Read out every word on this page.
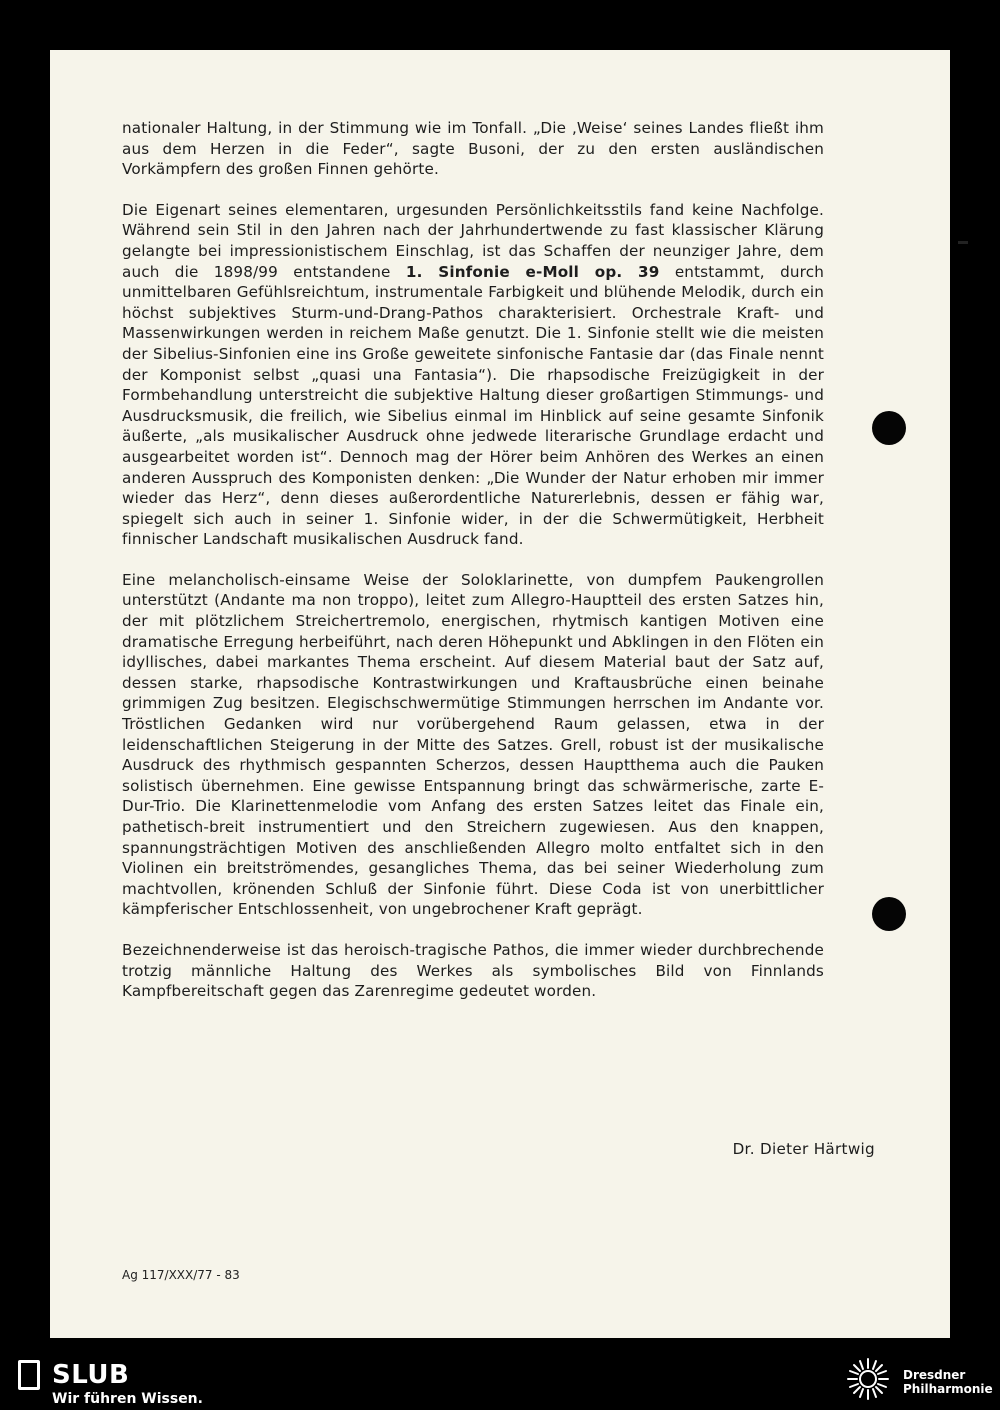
nationaler Haltung, in der Stimmung wie im Tonfall. „Die ‚Weise‘ seines Landes fließt ihm aus dem Herzen in die Feder“, sagte Busoni, der zu den ersten ausländischen Vorkämpfern des großen Finnen gehörte.

Die Eigenart seines elementaren, urgesunden Persönlichkeitsstils fand keine Nachfolge. Während sein Stil in den Jahren nach der Jahrhundertwende zu fast klassischer Klärung gelangte bei impressionistischem Einschlag, ist das Schaffen der neunziger Jahre, dem auch die 1898/99 entstandene 1. Sinfonie e-Moll op. 39 entstammt, durch unmittelbaren Gefühlsreichtum, instrumentale Farbigkeit und blühende Melodik, durch ein höchst subjektives Sturm-und-Drang-Pathos charakterisiert. Orchestrale Kraft- und Massenwirkungen werden in reichem Maße genutzt. Die 1. Sinfonie stellt wie die meisten der Sibelius-Sinfonien eine ins Große geweitete sinfonische Fantasie dar (das Finale nennt der Komponist selbst „quasi una Fantasia“). Die rhapsodische Freizügigkeit in der Formbehandlung unterstreicht die subjektive Haltung dieser großartigen Stimmungs- und Ausdrucksmusik, die freilich, wie Sibelius einmal im Hinblick auf seine gesamte Sinfonik äußerte, „als musikalischer Ausdruck ohne jedwede literarische Grundlage erdacht und ausgearbeitet worden ist“. Dennoch mag der Hörer beim Anhören des Werkes an einen anderen Ausspruch des Komponisten denken: „Die Wunder der Natur erhoben mir immer wieder das Herz“, denn dieses außerordentliche Naturerlebnis, dessen er fähig war, spiegelt sich auch in seiner 1. Sinfonie wider, in der die Schwermütigkeit, Herbheit finnischer Landschaft musikalischen Ausdruck fand.

Eine melancholisch-einsame Weise der Soloklarinette, von dumpfem Paukengrollen unterstützt (Andante ma non troppo), leitet zum Allegro-Hauptteil des ersten Satzes hin, der mit plötzlichem Streichertremolo, energischen, rhytmisch kantigen Motiven eine dramatische Erregung herbeiführt, nach deren Höhepunkt und Abklingen in den Flöten ein idyllisches, dabei markantes Thema erscheint. Auf diesem Material baut der Satz auf, dessen starke, rhapsodische Kontrastwirkungen und Kraftausbrüche einen beinahe grimmigen Zug besitzen. Elegischschwermütige Stimmungen herrschen im Andante vor. Tröstlichen Gedanken wird nur vorübergehend Raum gelassen, etwa in der leidenschaftlichen Steigerung in der Mitte des Satzes. Grell, robust ist der musikalische Ausdruck des rhythmisch gespannten Scherzos, dessen Hauptthema auch die Pauken solistisch übernehmen. Eine gewisse Entspannung bringt das schwärmerische, zarte E-Dur-Trio. Die Klarinettenmelodie vom Anfang des ersten Satzes leitet das Finale ein, pathetisch-breit instrumentiert und den Streichern zugewiesen. Aus den knappen, spannungsträchtigen Motiven des anschließenden Allegro molto entfaltet sich in den Violinen ein breitströmendes, gesangliches Thema, das bei seiner Wiederholung zum machtvollen, krönenden Schluß der Sinfonie führt. Diese Coda ist von unerbittlicher kämpferischer Entschlossenheit, von ungebrochener Kraft geprägt.

Bezeichnenderweise ist das heroisch-tragische Pathos, die immer wieder durchbrechende trotzig männliche Haltung des Werkes als symbolisches Bild von Finnlands Kampfbereitschaft gegen das Zarenregime gedeutet worden.

Dr. Dieter Härtwig
Ag 117/XXX/77 - 83
SLUB
Wir führen Wissen.
Dresdner
Philharmonie
